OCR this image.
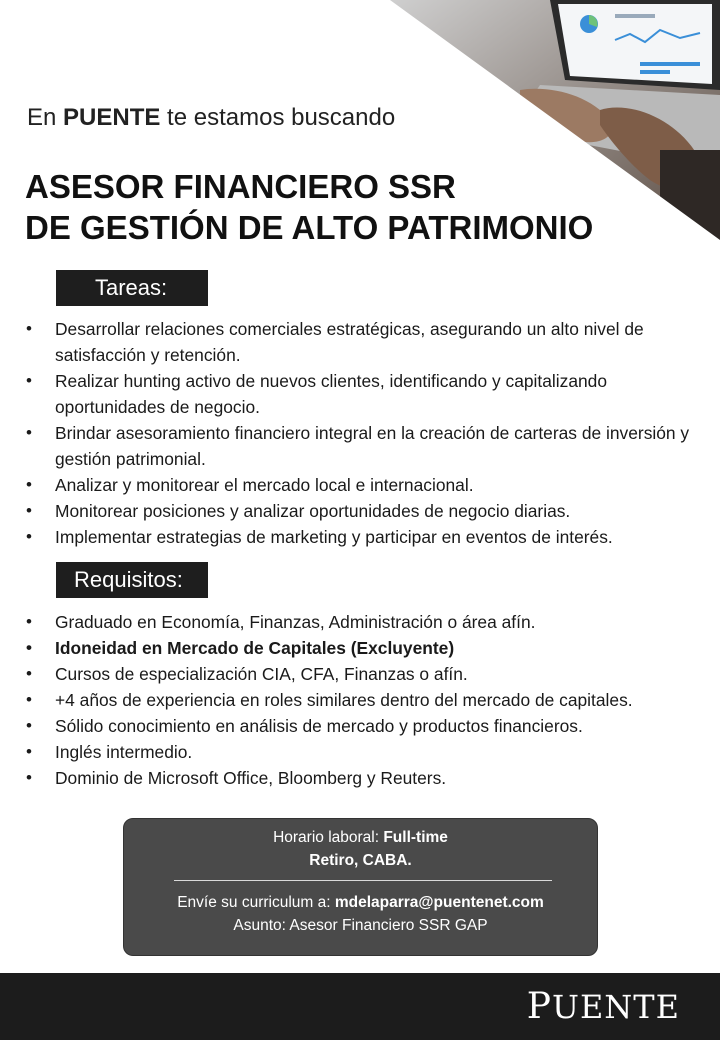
En PUENTE te estamos buscando
ASESOR FINANCIERO SSR
DE GESTIÓN DE ALTO PATRIMONIO
Tareas:
• Desarrollar relaciones comerciales estratégicas, asegurando un alto nivel de satisfacción y retención.
• Realizar hunting activo de nuevos clientes, identificando y capitalizando oportunidades de negocio.
• Brindar asesoramiento financiero integral en la creación de carteras de inversión y gestión patrimonial.
• Analizar y monitorear el mercado local e internacional.
• Monitorear posiciones y analizar oportunidades de negocio diarias.
• Implementar estrategias de marketing y participar en eventos de interés.
Requisitos:
• Graduado en Economía, Finanzas, Administración o área afín.
• Idoneidad en Mercado de Capitales (Excluyente)
• Cursos de especialización CIA, CFA, Finanzas o afín.
• +4 años de experiencia en roles similares dentro del mercado de capitales.
• Sólido conocimiento en análisis de mercado y productos financieros.
• Inglés intermedio.
• Dominio de Microsoft Office, Bloomberg y Reuters.
Horario laboral: Full-time
Retiro, CABA.
Envíe su curriculum a: mdelaparra@puentenet.com
Asunto: Asesor Financiero SSR GAP
PUENTE
